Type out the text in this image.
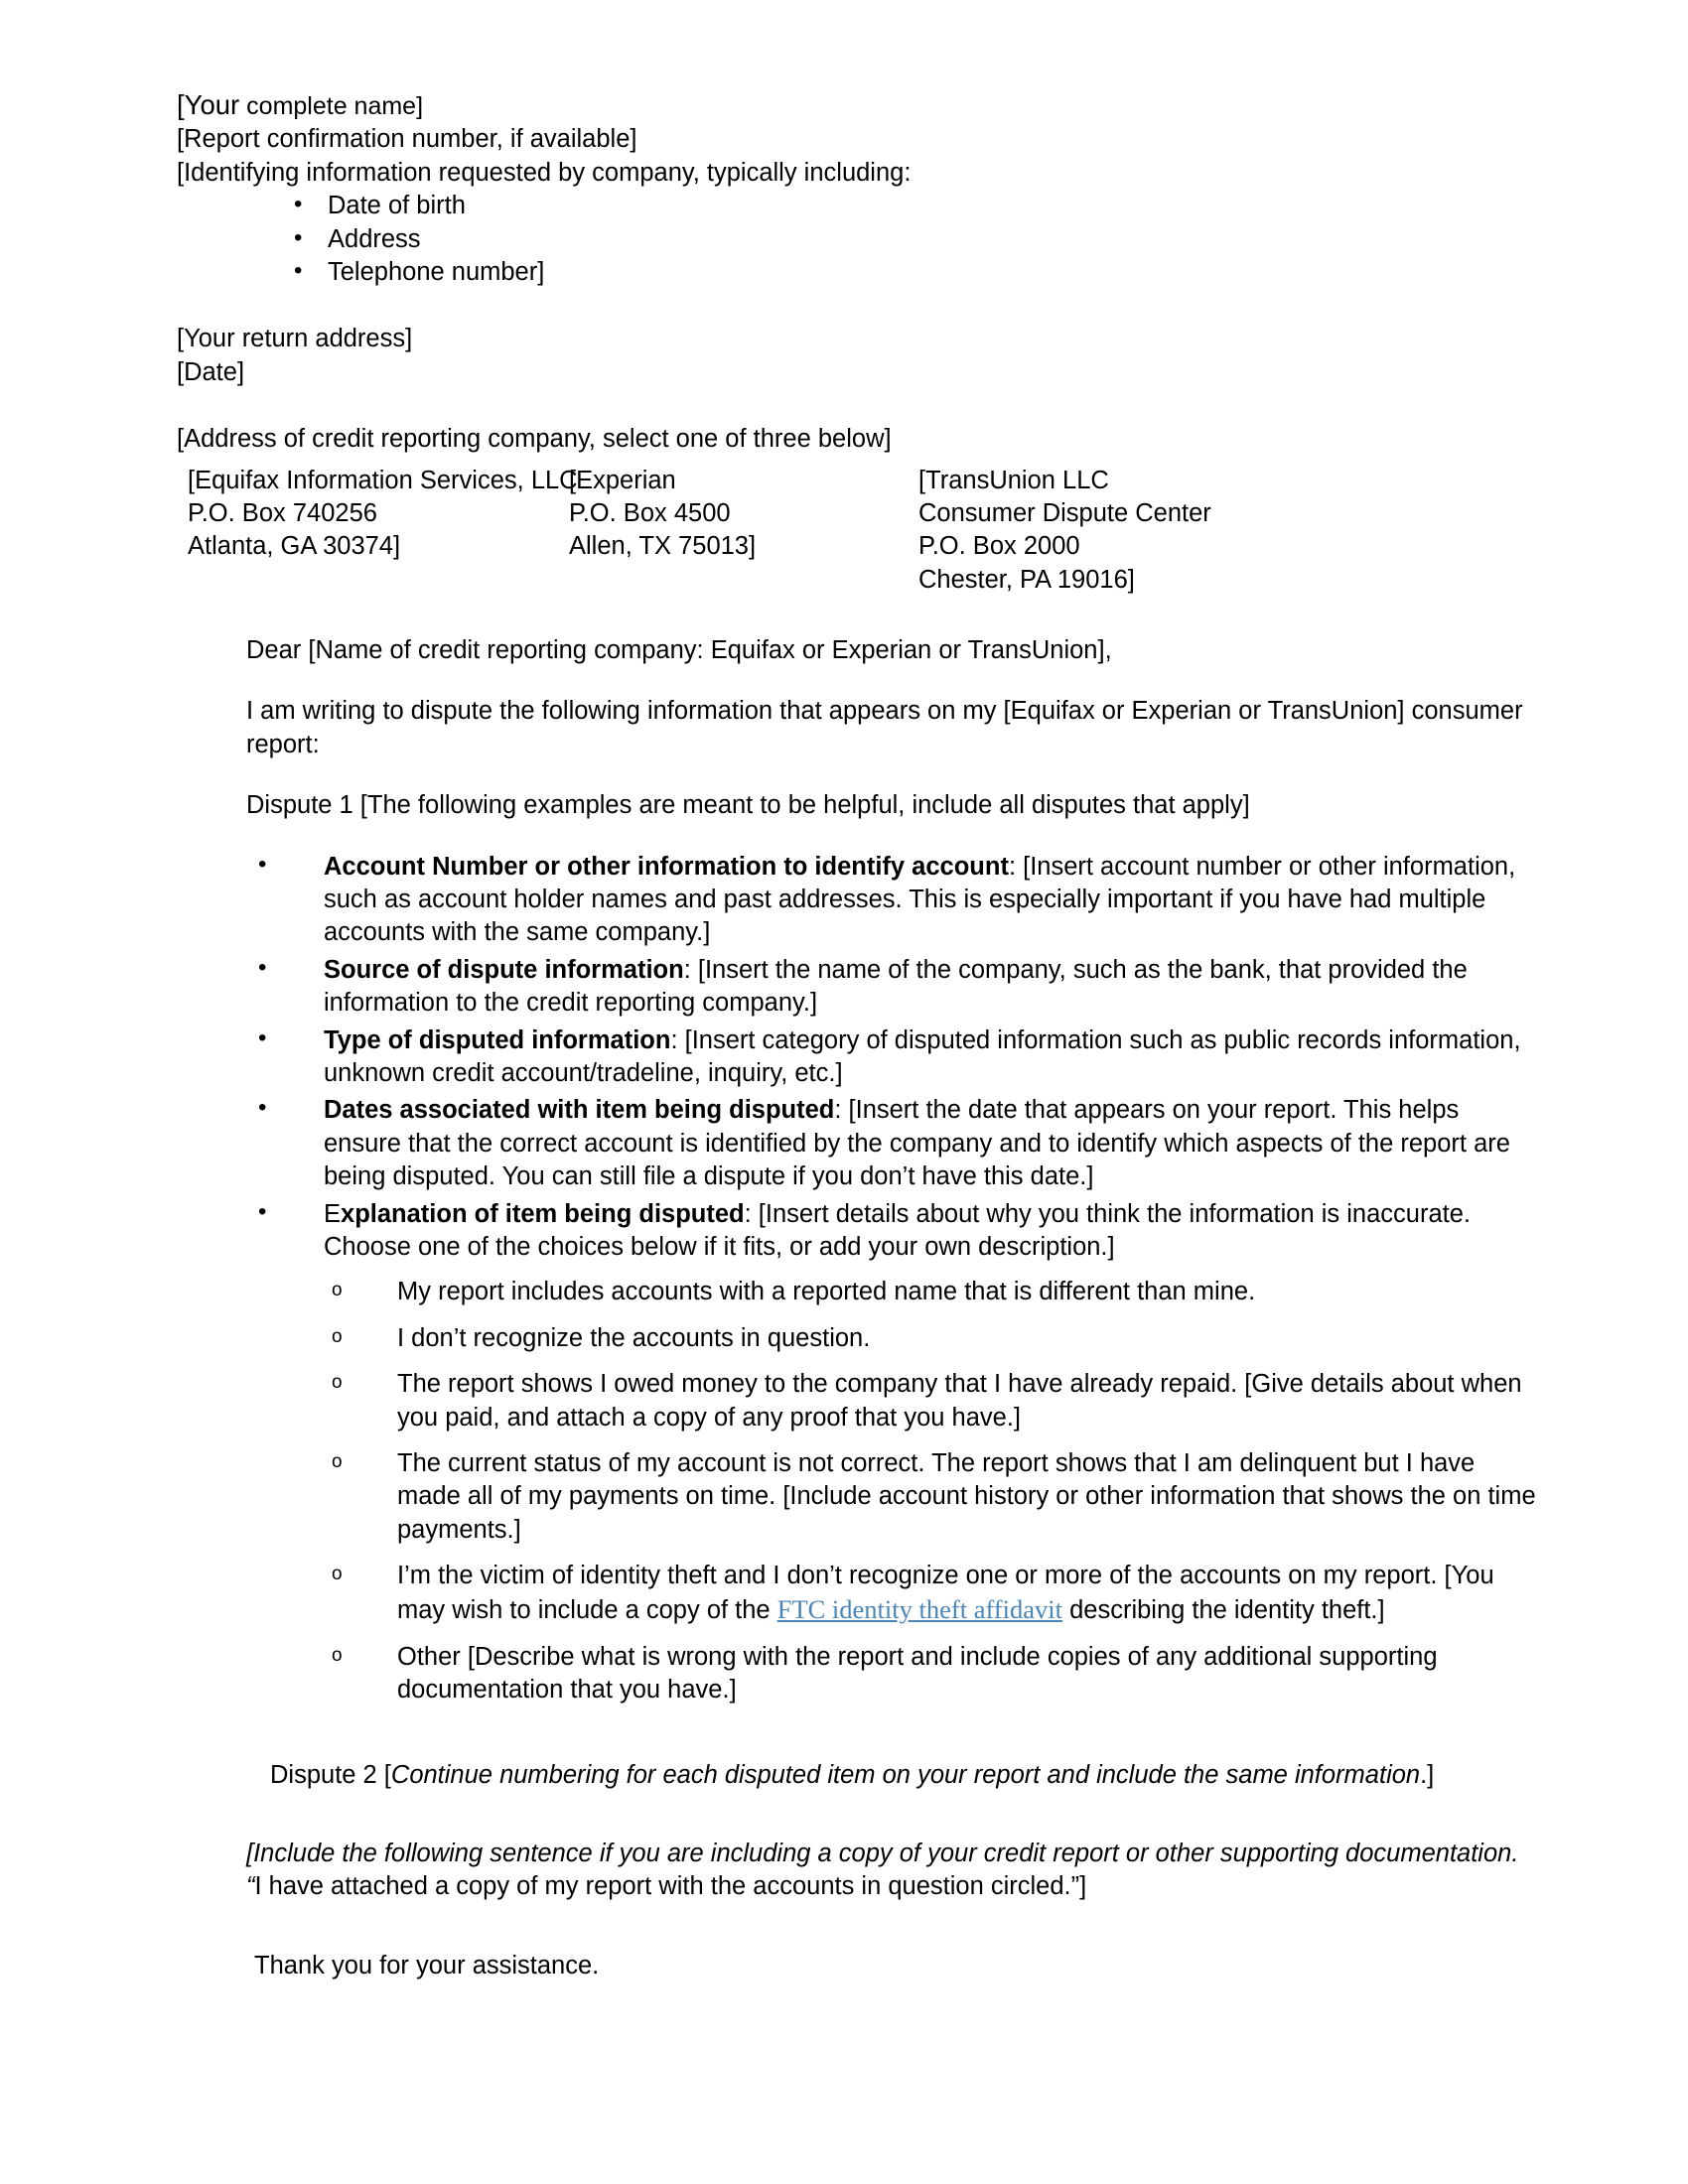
[Your complete name]
[Report confirmation number, if available]
[Identifying information requested by company, typically including:
• Date of birth
• Address
• Telephone number]
[Your return address]
[Date]
[Address of credit reporting company, select one of three below]
[Equifax Information Services, LLC
P.O. Box 740256
Atlanta, GA 30374]
[Experian
P.O. Box 4500
Allen, TX 75013]
[TransUnion LLC
Consumer Dispute Center
P.O. Box 2000
Chester, PA 19016]
Dear [Name of credit reporting company: Equifax or Experian or TransUnion],
I am writing to dispute the following information that appears on my [Equifax or Experian or TransUnion] consumer report:
Dispute 1 [The following examples are meant to be helpful, include all disputes that apply]
• Account Number or other information to identify account: [Insert account number or other information, such as account holder names and past addresses. This is especially important if you have had multiple accounts with the same company.]
• Source of dispute information: [Insert the name of the company, such as the bank, that provided the information to the credit reporting company.]
• Type of disputed information: [Insert category of disputed information such as public records information, unknown credit account/tradeline, inquiry, etc.]
• Dates associated with item being disputed: [Insert the date that appears on your report. This helps ensure that the correct account is identified by the company and to identify which aspects of the report are being disputed. You can still file a dispute if you don’t have this date.]
• Explanation of item being disputed: [Insert details about why you think the information is inaccurate. Choose one of the choices below if it fits, or add your own description.]
o My report includes accounts with a reported name that is different than mine.
o I don’t recognize the accounts in question.
o The report shows I owed money to the company that I have already repaid. [Give details about when you paid, and attach a copy of any proof that you have.]
o The current status of my account is not correct. The report shows that I am delinquent but I have made all of my payments on time. [Include account history or other information that shows the on time payments.]
o I’m the victim of identity theft and I don’t recognize one or more of the accounts on my report. [You may wish to include a copy of the FTC identity theft affidavit describing the identity theft.]
o Other [Describe what is wrong with the report and include copies of any additional supporting documentation that you have.]
Dispute 2 [Continue numbering for each disputed item on your report and include the same information.]
[Include the following sentence if you are including a copy of your credit report or other supporting documentation. “I have attached a copy of my report with the accounts in question circled.”]
Thank you for your assistance.
